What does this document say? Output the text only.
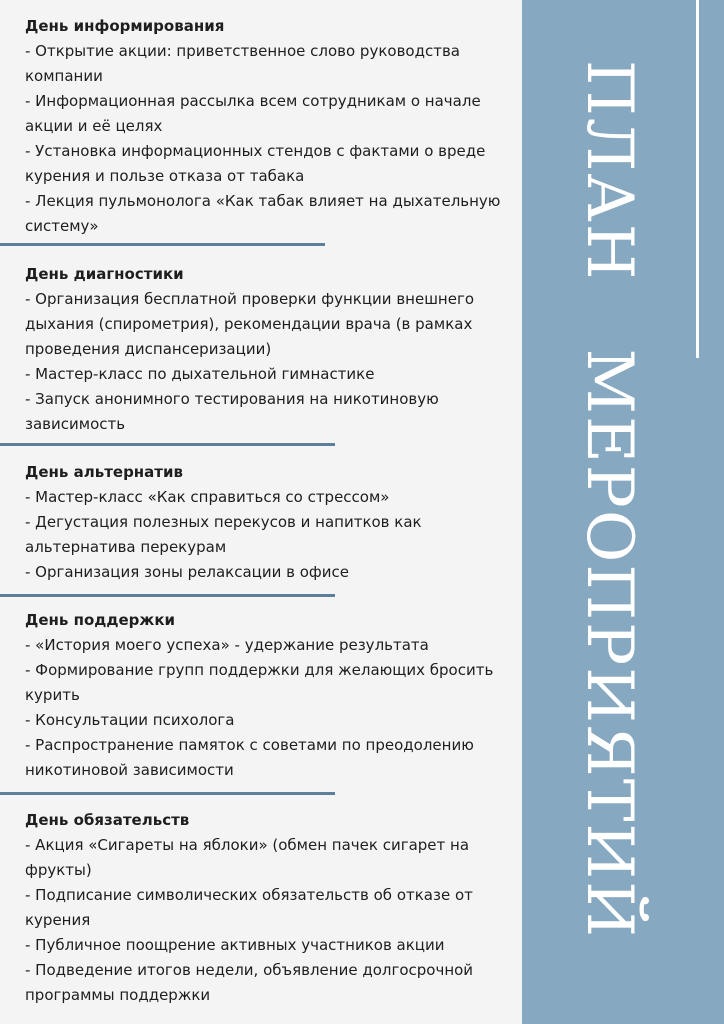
День информирования

- Открытие акции: приветственное слово руководства

компании

- Информационная рассылка всем сотрудникам о начале

акции и её целях

- Установка информационных стендов с фактами о вреде

курения и пользе отказа от табака

- Лекция пульмонолога «Как табак влияет на дыхательную

систему»

День диагностики

- Организация бесплатной проверки функции внешнего

дыхания (спирометрия), рекомендации врача (в рамках

проведения диспансеризации)

- Мастер-класс по дыхательной гимнастике

- Запуск анонимного тестирования на никотиновую

зависимость

День альтернатив

- Мастер-класс «Как справиться со стрессом»

- Дегустация полезных перекусов и напитков как

альтернатива перекурам

- Организация зоны релаксации в офисе

День поддержки

- «История моего успеха» - удержание результата

- Формирование групп поддержки для желающих бросить

курить

- Консультации психолога

- Распространение памяток с советами по преодолению

никотиновой зависимости

День обязательств

- Акция «Сигареты на яблоки» (обмен пачек сигарет на

фрукты)

- Подписание символических обязательств об отказе от

курения

- Публичное поощрение активных участников акции

- Подведение итогов недели, объявление долгосрочной

программы поддержки

ПЛАН   МЕРОПРИЯТИЙ
